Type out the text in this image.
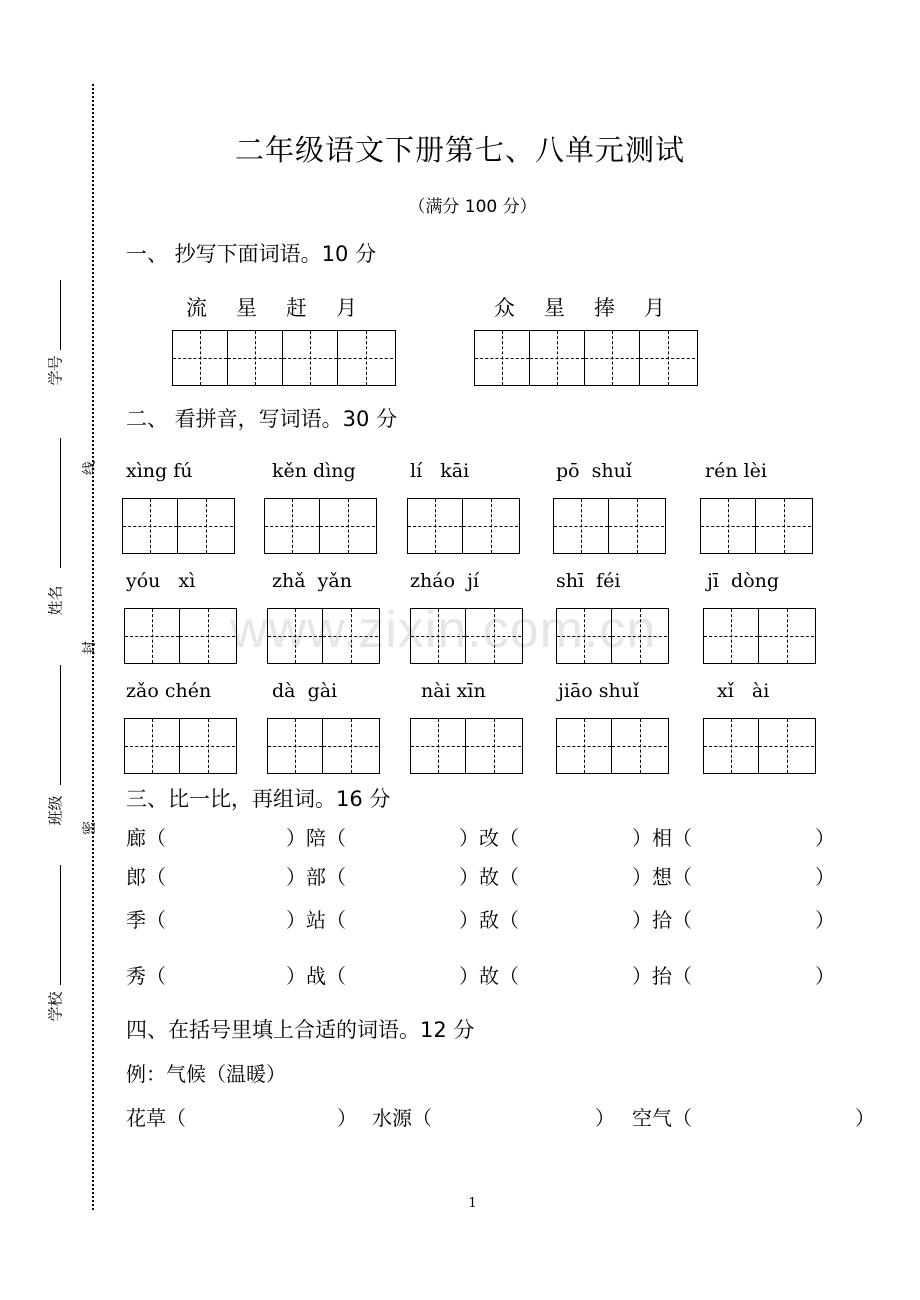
学号
姓名
班级
学校
线
封
密
www.zixin.com.cn
二年级语文下册第七、八单元测试
（满分 100 分）
一、 抄写下面词语。10 分
流 星 赶 月	众 星 捧 月
二、 看拼音，写词语。30 分
xìng fú	kěn dìng	lí   kāi	pō  shuǐ	rén lèi
yóu   xì	zhǎ  yǎn	zháo  jí	shī  féi	jī  dòng
zǎo chén	dà  gài	nài xīn	jiāo shuǐ	xǐ   ài
三、比一比，再组词。16 分
廊（	）陪（	）改（	）相（	）
郎（	）部（	）故（	）想（	）
季（	）站（	）敌（	）拾（	）
秀（	）战（	）故（	）抬（	）
四、在括号里填上合适的词语。12 分
例：气候（温暖）
花草（	） 水源（	） 空气（	）
1
